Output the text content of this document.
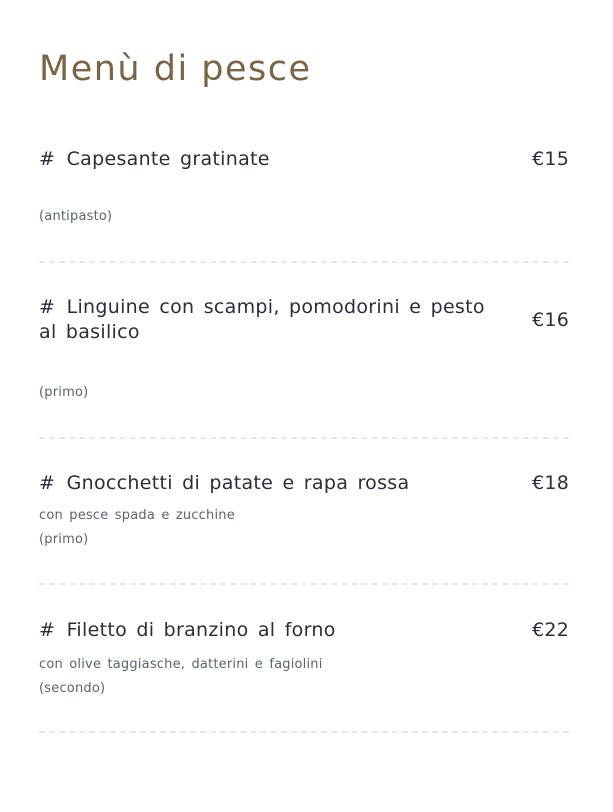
Menù di pesce
# Capesante gratinate	€15
(antipasto)
# Linguine con scampi, pomodorini e pesto al basilico
€16
(primo)
# Gnocchetti di patate e rapa rossa	€18
con pesce spada e zucchine
(primo)
# Filetto di branzino al forno	€22
con olive taggiasche, datterini e fagiolini
(secondo)
